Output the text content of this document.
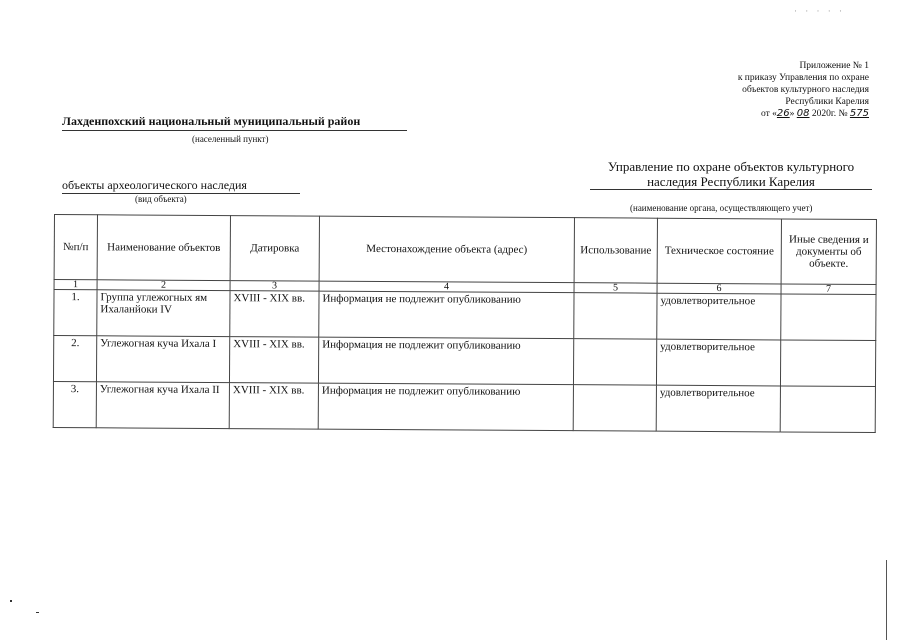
· · · · ·
Приложение № 1
к приказу Управления по охране
объектов культурного наследия
Республики Карелия
от «26» 08 2020г. № 575
Лахденпохский национальный муниципальный район
(населенный пункт)
объекты археологического наследия
(вид объекта)
Управление по охране объектов культурного

наследия Республики Карелия
(наименование органа, осуществляющего учет)
№п/п	Наименование объектов	Датировка	Местонахождение объекта (адрес)	Использование	Техническое состояние	Иные сведения и документы об объекте.
1	2	3	4	5	6	7
1.	Группа углежогных ям Ихаланйоки IV	XVIII - XIX вв.	Информация не подлежит опубликованию		удовлетворительное	
2.	Углежогная куча Ихала I	XVIII - XIX вв.	Информация не подлежит опубликованию		удовлетворительное	
3.	Углежогная куча Ихала II	XVIII - XIX вв.	Информация не подлежит опубликованию		удовлетворительное	
